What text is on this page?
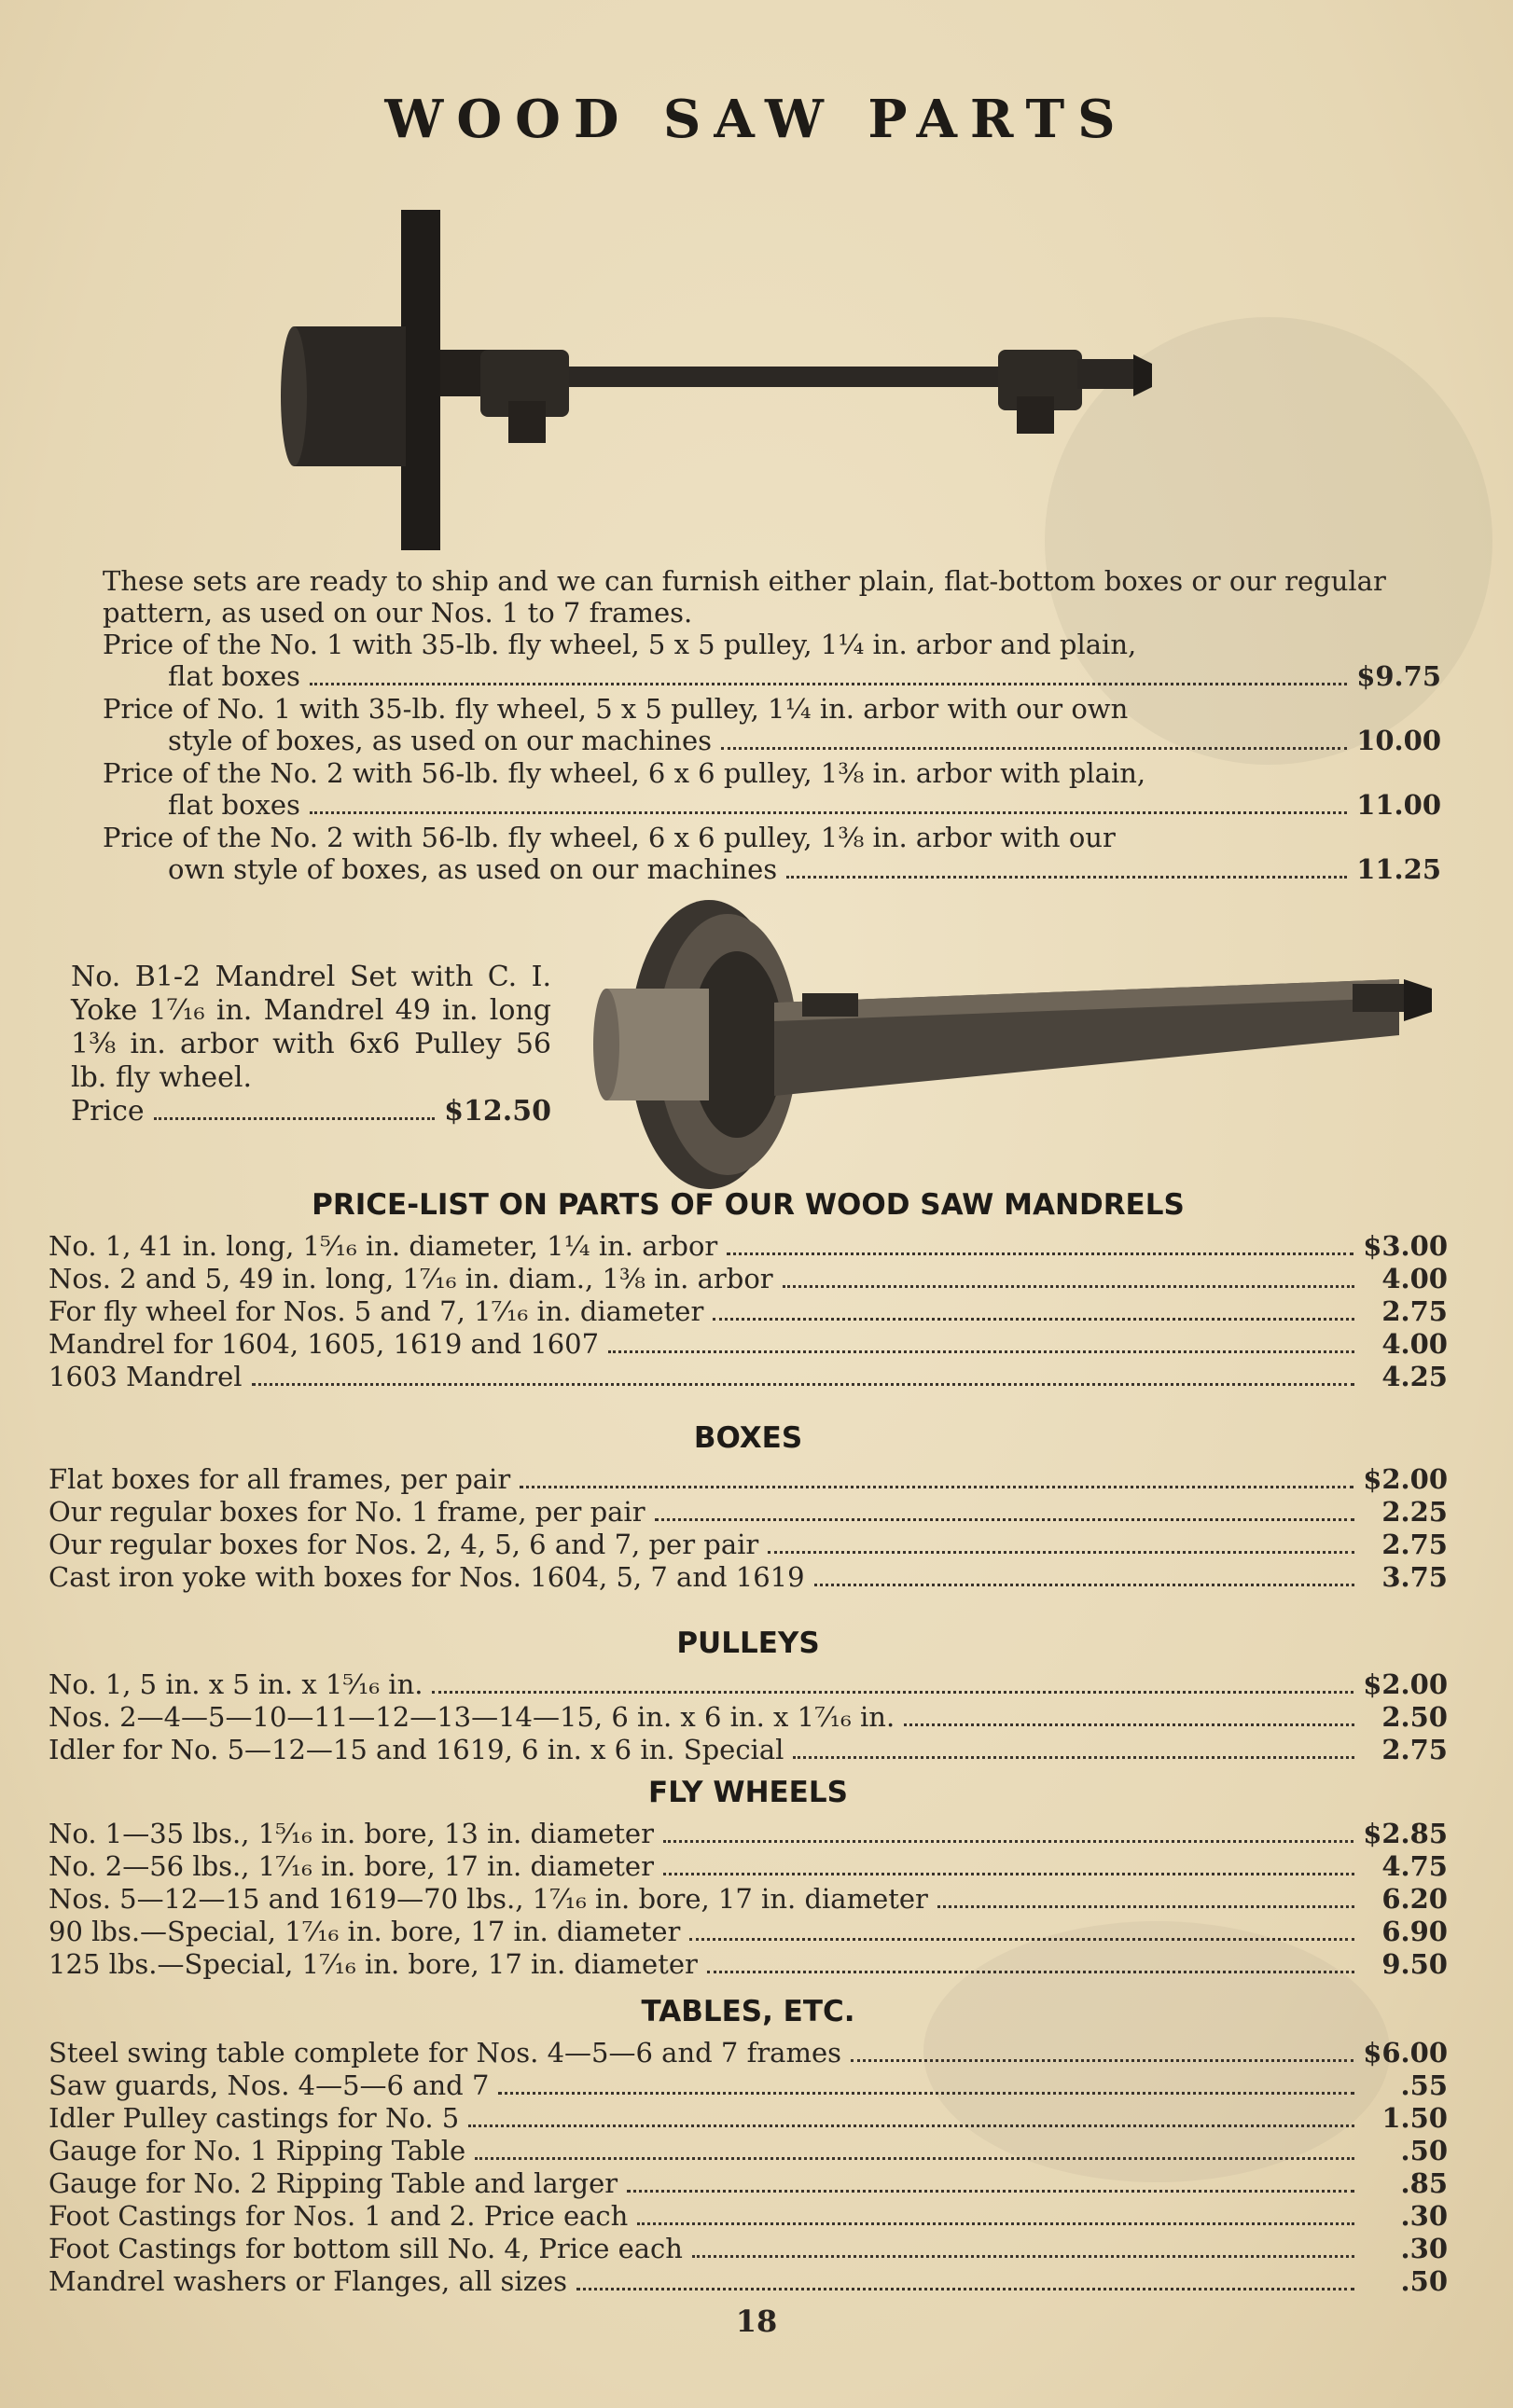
WOOD SAW PARTS

These sets are ready to ship and we can furnish either plain, flat-bottom boxes or our regular pattern, as used on our Nos. 1 to 7 frames.

Price of the No. 1 with 35-lb. fly wheel, 5 x 5 pulley, 1¼ in. arbor and plain,

flat boxes	$9.75

Price of No. 1 with 35-lb. fly wheel, 5 x 5 pulley, 1¼ in. arbor with our own

style of boxes, as used on our machines	10.00

Price of the No. 2 with 56-lb. fly wheel, 6 x 6 pulley, 1⅜ in. arbor with plain,

flat boxes	11.00

Price of the No. 2 with 56-lb. fly wheel, 6 x 6 pulley, 1⅜ in. arbor with our

own style of boxes, as used on our machines	11.25
No. B1-2 Mandrel Set with C. I. Yoke 1⁷⁄₁₆ in. Mandrel 49 in. long 1⅜ in. arbor with 6x6 Pulley 56 lb. fly wheel.
Price	$12.50
PRICE-LIST ON PARTS OF OUR WOOD SAW MANDRELS
No. 1, 41 in. long, 1⁵⁄₁₆ in. diameter, 1¼ in. arbor	$3.00
Nos. 2 and 5, 49 in. long, 1⁷⁄₁₆ in. diam., 1⅜ in. arbor	4.00
For fly wheel for Nos. 5 and 7, 1⁷⁄₁₆ in. diameter	2.75
Mandrel for 1604, 1605, 1619 and 1607	4.00
1603 Mandrel	4.25
BOXES
Flat boxes for all frames, per pair	$2.00
Our regular boxes for No. 1 frame, per pair	2.25
Our regular boxes for Nos. 2, 4, 5, 6 and 7, per pair	2.75
Cast iron yoke with boxes for Nos. 1604, 5, 7 and 1619	3.75
PULLEYS
No. 1, 5 in. x 5 in. x 1⁵⁄₁₆ in.	$2.00
Nos. 2—4—5—10—11—12—13—14—15, 6 in. x 6 in. x 1⁷⁄₁₆ in.	2.50
Idler for No. 5—12—15 and 1619, 6 in. x 6 in. Special	2.75
FLY WHEELS
No. 1—35 lbs., 1⁵⁄₁₆ in. bore, 13 in. diameter	$2.85
No. 2—56 lbs., 1⁷⁄₁₆ in. bore, 17 in. diameter	4.75
Nos. 5—12—15 and 1619—70 lbs., 1⁷⁄₁₆ in. bore, 17 in. diameter	6.20
90 lbs.—Special, 1⁷⁄₁₆ in. bore, 17 in. diameter	6.90
125 lbs.—Special, 1⁷⁄₁₆ in. bore, 17 in. diameter	9.50
TABLES, ETC.
Steel swing table complete for Nos. 4—5—6 and 7 frames	$6.00
Saw guards, Nos. 4—5—6 and 7	.55
Idler Pulley castings for No. 5	1.50
Gauge for No. 1 Ripping Table	.50
Gauge for No. 2 Ripping Table and larger	.85
Foot Castings for Nos. 1 and 2. Price each	.30
Foot Castings for bottom sill No. 4, Price each	.30
Mandrel washers or Flanges, all sizes	.50
18
